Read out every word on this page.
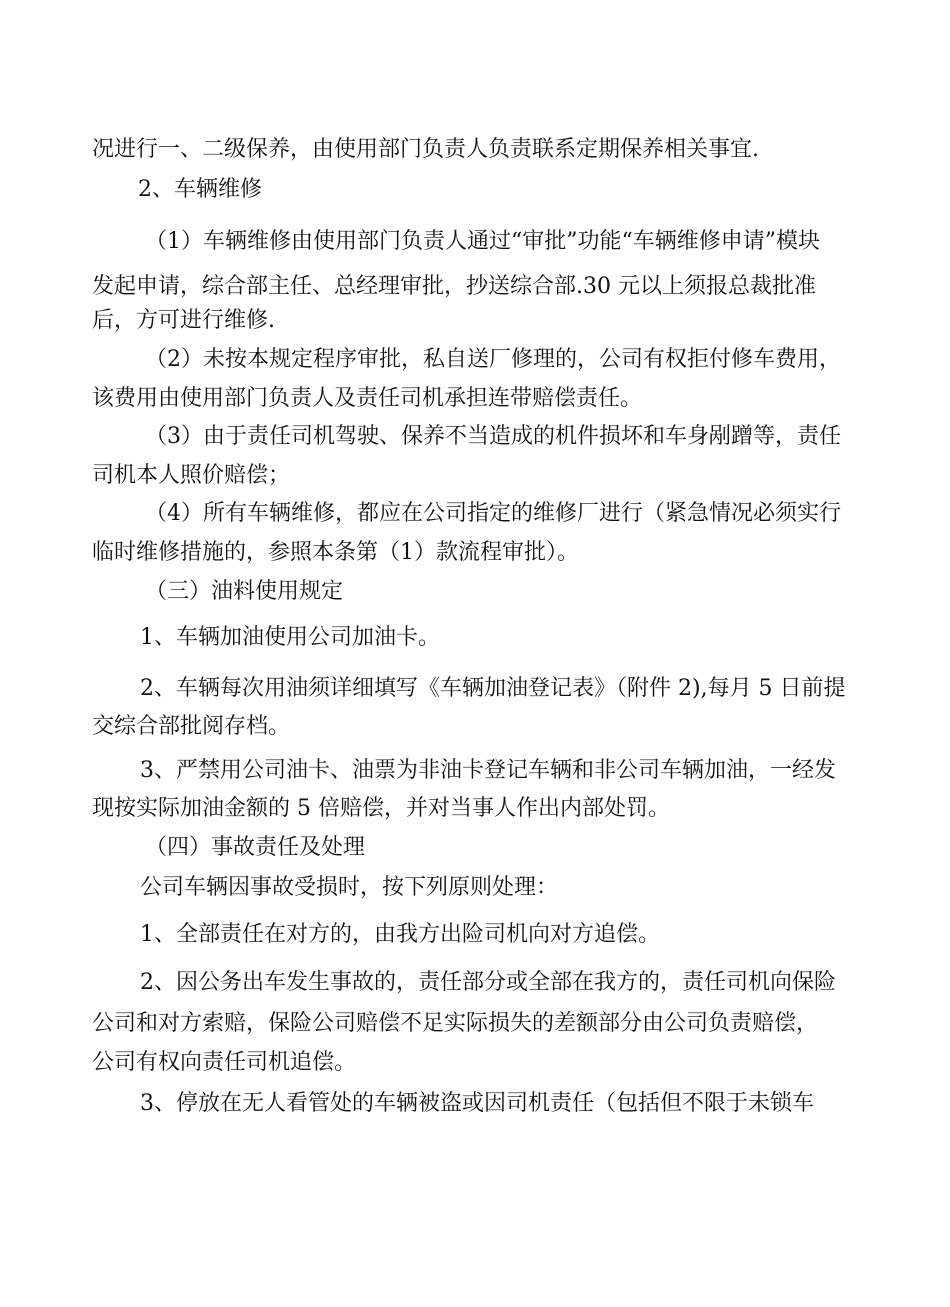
况进行一、二级保养，由使用部门负责人负责联系定期保养相关事宜.
2、车辆维修
（1）车辆维修由使用部门负责人通过“审批”功能“车辆维修申请”模块
发起申请，综合部主任、总经理审批，抄送综合部.30 元以上须报总裁批准
后，方可进行维修.
（2）未按本规定程序审批，私自送厂修理的，公司有权拒付修车费用，
该费用由使用部门负责人及责任司机承担连带赔偿责任。
（3）由于责任司机驾驶、保养不当造成的机件损坏和车身剐蹭等，责任
司机本人照价赔偿；
（4）所有车辆维修，都应在公司指定的维修厂进行（紧急情况必须实行
临时维修措施的，参照本条第（1）款流程审批）。
（三）油料使用规定
1、车辆加油使用公司加油卡。
2、车辆每次用油须详细填写《车辆加油登记表》（附件 2),每月 5 日前提
交综合部批阅存档。
3、严禁用公司油卡、油票为非油卡登记车辆和非公司车辆加油，一经发
现按实际加油金额的 5 倍赔偿，并对当事人作出内部处罚。
（四）事故责任及处理
公司车辆因事故受损时，按下列原则处理：
1、全部责任在对方的，由我方出险司机向对方追偿。
2、因公务出车发生事故的，责任部分或全部在我方的，责任司机向保险
公司和对方索赔，保险公司赔偿不足实际损失的差额部分由公司负责赔偿，
公司有权向责任司机追偿。
3、停放在无人看管处的车辆被盗或因司机责任（包括但不限于未锁车
